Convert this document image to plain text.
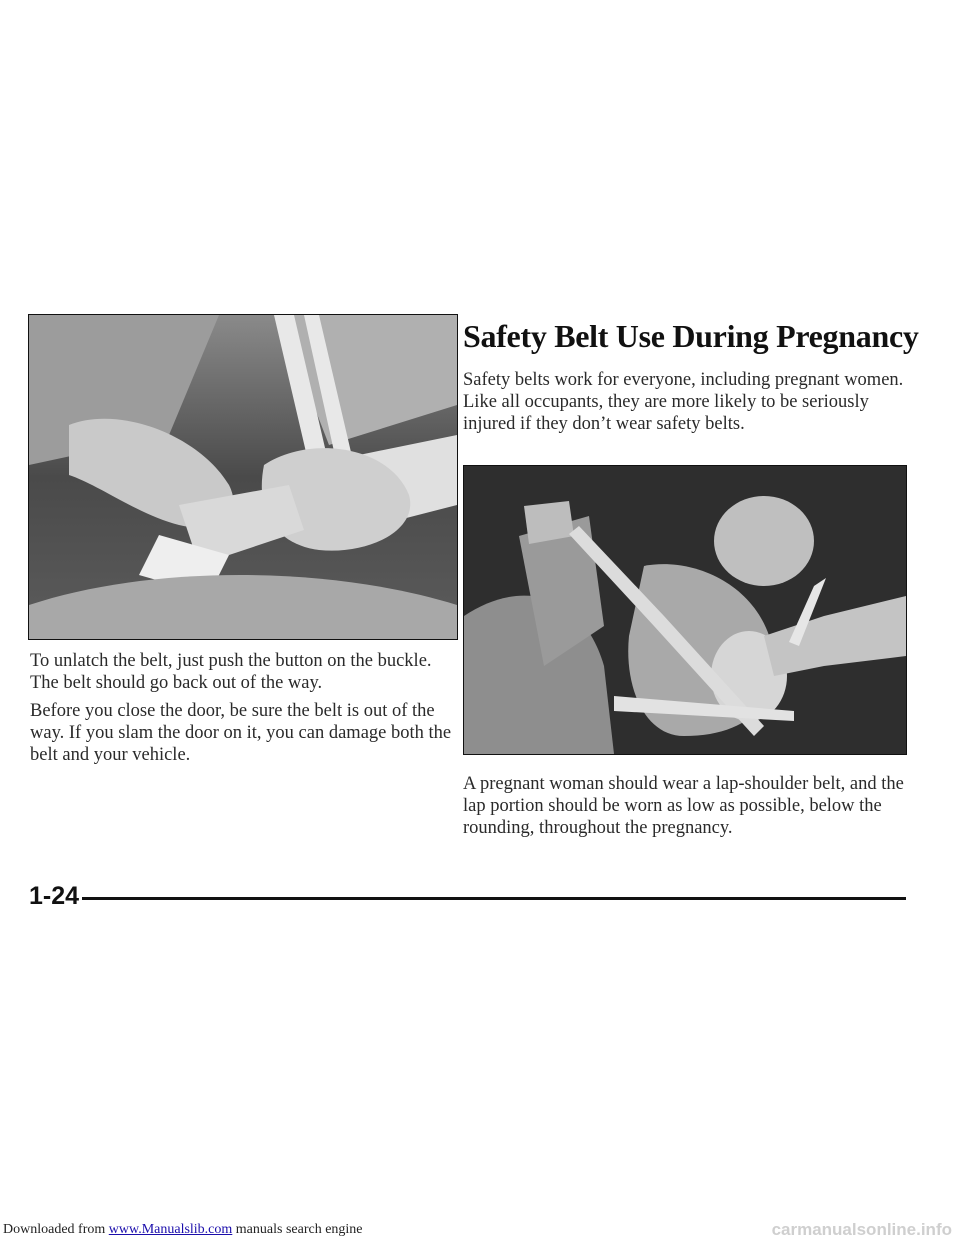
Safety Belt Use During Pregnancy
Safety belts work for everyone, including pregnant women. Like all occupants, they are more likely to be seriously injured if they don’t wear safety belts.
To unlatch the belt, just push the button on the buckle. The belt should go back out of the way.
Before you close the door, be sure the belt is out of the way. If you slam the door on it, you can damage both the belt and your vehicle.
A pregnant woman should wear a lap-shoulder belt, and the lap portion should be worn as low as possible, below the rounding, throughout the pregnancy.
1-24
Downloaded from www.Manualslib.com manuals search engine	carmanualsonline.info
